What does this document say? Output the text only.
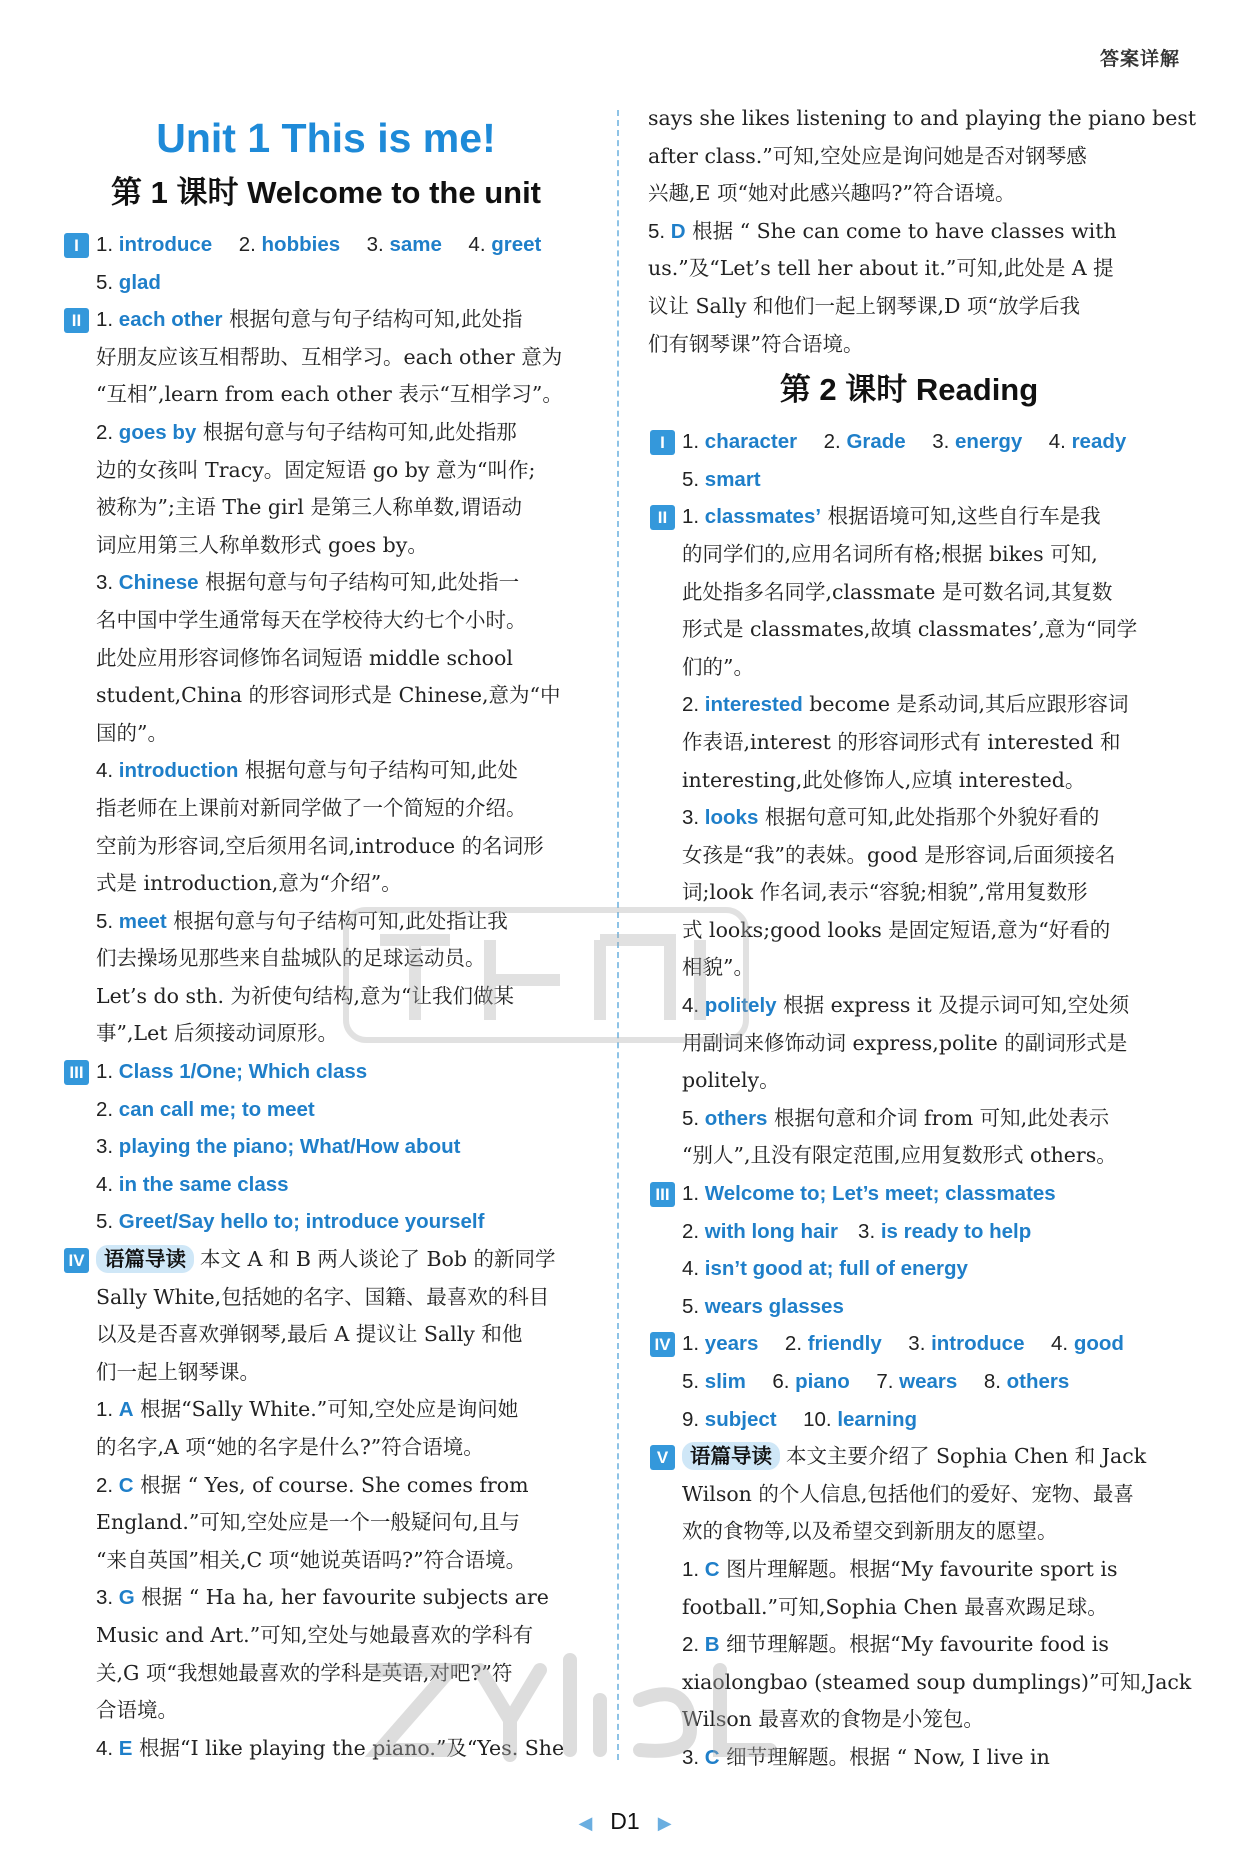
答案详解
Unit 1 This is me!
第 1 课时 Welcome to the unit
I 1. introduce 2. hobbies 3. same 4. greet
5. glad
II 1. each other 根据句意与句子结构可知,此处指
好朋友应该互相帮助、互相学习。each other 意为
“互相”,learn from each other 表示“互相学习”。
2. goes by 根据句意与句子结构可知,此处指那
边的女孩叫 Tracy。固定短语 go by 意为“叫作;
被称为”;主语 The girl 是第三人称单数,谓语动
词应用第三人称单数形式 goes by。
3. Chinese 根据句意与句子结构可知,此处指一
名中国中学生通常每天在学校待大约七个小时。
此处应用形容词修饰名词短语 middle school
student,China 的形容词形式是 Chinese,意为“中
国的”。
4. introduction 根据句意与句子结构可知,此处
指老师在上课前对新同学做了一个简短的介绍。
空前为形容词,空后须用名词,introduce 的名词形
式是 introduction,意为“介绍”。
5. meet 根据句意与句子结构可知,此处指让我
们去操场见那些来自盐城队的足球运动员。
Let’s do sth. 为祈使句结构,意为“让我们做某
事”,Let 后须接动词原形。
III 1. Class 1/One; Which class
2. can call me; to meet
3. playing the piano; What/How about
4. in the same class
5. Greet/Say hello to; introduce yourself
IV 语篇导读 本文 A 和 B 两人谈论了 Bob 的新同学
Sally White,包括她的名字、国籍、最喜欢的科目
以及是否喜欢弹钢琴,最后 A 提议让 Sally 和他
们一起上钢琴课。
1. A 根据“Sally White.”可知,空处应是询问她
的名字,A 项“她的名字是什么?”符合语境。
2. C 根据 “ Yes, of course. She comes from
England.”可知,空处应是一个一般疑问句,且与
“来自英国”相关,C 项“她说英语吗?”符合语境。
3. G 根据 “ Ha ha, her favourite subjects are
Music and Art.”可知,空处与她最喜欢的学科有
关,G 项“我想她最喜欢的学科是英语,对吧?”符
合语境。
4. E 根据“I like playing the piano.”及“Yes. She
says she likes listening to and playing the piano best
after class.”可知,空处应是询问她是否对钢琴感
兴趣,E 项“她对此感兴趣吗?”符合语境。
5. D 根据 “ She can come to have classes with
us.”及“Let’s tell her about it.”可知,此处是 A 提
议让 Sally 和他们一起上钢琴课,D 项“放学后我
们有钢琴课”符合语境。
第 2 课时 Reading
I 1. character 2. Grade 3. energy 4. ready
5. smart
II 1. classmates’ 根据语境可知,这些自行车是我
的同学们的,应用名词所有格;根据 bikes 可知,
此处指多名同学,classmate 是可数名词,其复数
形式是 classmates,故填 classmates’,意为“同学
们的”。
2. interested become 是系动词,其后应跟形容词
作表语,interest 的形容词形式有 interested 和
interesting,此处修饰人,应填 interested。
3. looks 根据句意可知,此处指那个外貌好看的
女孩是“我”的表妹。good 是形容词,后面须接名
词;look 作名词,表示“容貌;相貌”,常用复数形
式 looks;good looks 是固定短语,意为“好看的
相貌”。
4. politely 根据 express it 及提示词可知,空处须
用副词来修饰动词 express,polite 的副词形式是
politely。
5. others 根据句意和介词 from 可知,此处表示
“别人”,且没有限定范围,应用复数形式 others。
III 1. Welcome to; Let’s meet; classmates
2. with long hair 3. is ready to help
4. isn’t good at; full of energy
5. wears glasses
IV 1. years 2. friendly 3. introduce 4. good
5. slim 6. piano 7. wears 8. others
9. subject 10. learning
V	语篇导读 本文主要介绍了 Sophia Chen 和 Jack
Wilson 的个人信息,包括他们的爱好、宠物、最喜
欢的食物等,以及希望交到新朋友的愿望。
1. C 图片理解题。根据“My favourite sport is
football.”可知,Sophia Chen 最喜欢踢足球。
2. B 细节理解题。根据“My favourite food is
xiaolongbao (steamed soup dumplings)”可知,Jack
Wilson 最喜欢的食物是小笼包。
3. C 细节理解题。根据 “ Now, I live in
◀ D1 ▶
